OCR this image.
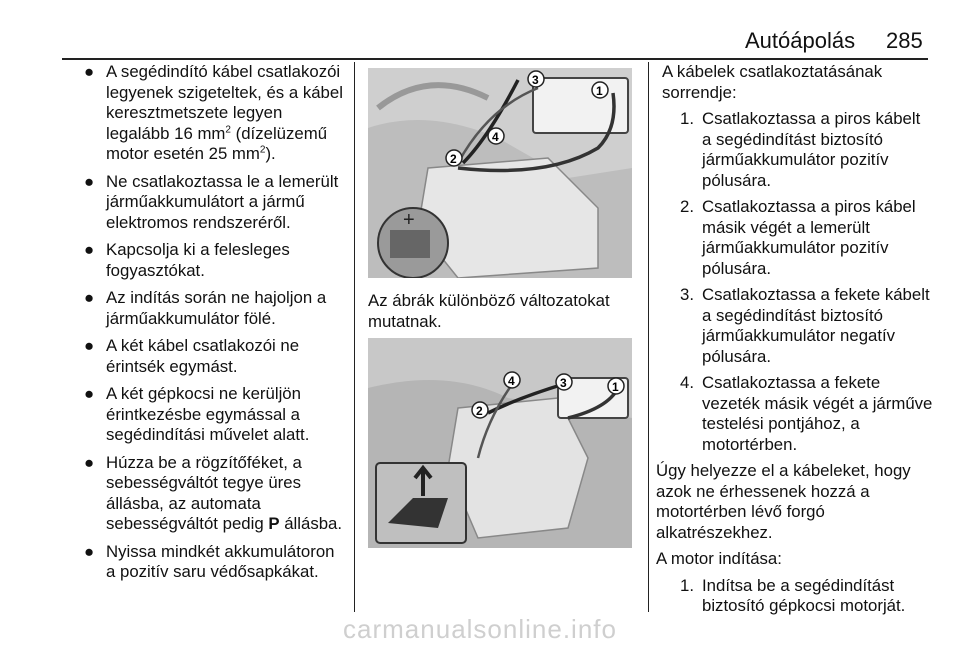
Autóápolás 285
● A segédindító kábel csatlakozói legyenek szigeteltek, és a kábel keresztmetszete legyen legalább 16 $mm^2$ (dízelüzemű motor esetén 25 $mm^2$).
● Ne csatlakoztassa le a lemerült járműakkumulátort a jármű elektromos rendszeréről.
● Kapcsolja ki a felesleges fogyasztókat.
● Az indítás során ne hajoljon a járműakkumulátor fölé.
● A két kábel csatlakozói ne érintsék egymást.
● A két gépkocsi ne kerüljön érintkezésbe egymással a segédindítási művelet alatt.
● Húzza be a rögzítőféket, a sebességváltót tegye üres állásba, az automata sebességváltót pedig P állásba.
● Nyissa mindkét akkumulátoron a pozitív saru védősapkákat.
1
3
4
2
+

Az ábrák különböző változatokat mutatnak.

1
3
4
2

A kábelek csatlakoztatásának sorrendje:

1. Csatlakoztassa a piros kábelt a segédindítást biztosító járműakkumulátor pozitív pólusára.
2. Csatlakoztassa a piros kábel másik végét a lemerült járműakkumulátor pozitív pólusára.
3. Csatlakoztassa a fekete kábelt a segédindítást biztosító járműakkumulátor negatív pólusára.
4. Csatlakoztassa a fekete vezeték másik végét a járműve testelési pontjához, a motortérben.

Úgy helyezze el a kábeleket, hogy azok ne érhessenek hozzá a motortérben lévő forgó alkatrészekhez.

A motor indítása:

1. Indítsa be a segédindítást biztosító gépkocsi motorját.
carmanualsonline.info
